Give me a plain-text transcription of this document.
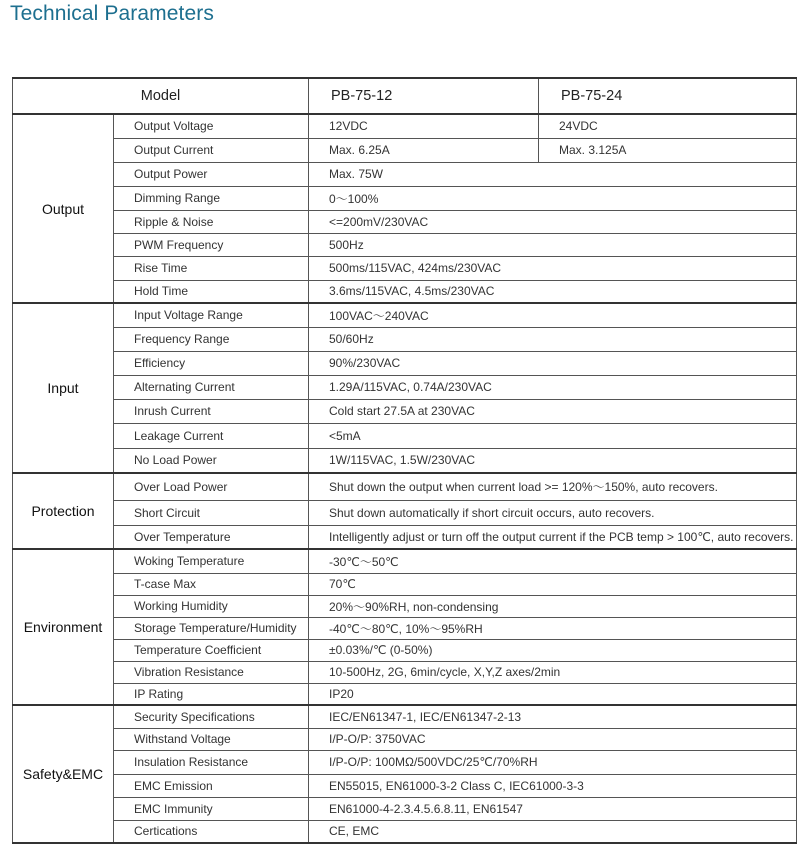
Technical Parameters
Model		PB-75-12	PB-75-24
Output	Output Voltage	12VDC	24VDC
	Output Current	Max. 6.25A	Max. 3.125A
	Output Power	Max. 75W	
	Dimming Range	0～100%	
	Ripple & Noise	<=200mV/230VAC	
	PWM Frequency	500Hz	
	Rise Time	500ms/115VAC, 424ms/230VAC	
	Hold Time	3.6ms/115VAC, 4.5ms/230VAC	
Input	Input Voltage Range	100VAC～240VAC	
	Frequency Range	50/60Hz	
	Efficiency	90%/230VAC	
	Alternating Current	1.29A/115VAC, 0.74A/230VAC	
	Inrush Current	Cold start 27.5A at 230VAC	
	Leakage Current	<5mA	
	No Load Power	1W/115VAC, 1.5W/230VAC	
Protection	Over Load Power	Shut down the output when current load >= 120%～150%, auto recovers.	
	Short Circuit	Shut down automatically if short circuit occurs, auto recovers.	
	Over Temperature	Intelligently adjust or turn off the output current if the PCB temp > 100℃, auto recovers.	
Environment	Woking Temperature	-30℃～50℃	
	T-case Max	70℃	
	Working Humidity	20%～90%RH, non-condensing	
	Storage Temperature/Humidity	-40℃～80℃, 10%～95%RH	
	Temperature Coefficient	±0.03%/℃ (0-50%)	
	Vibration Resistance	10-500Hz, 2G, 6min/cycle, X,Y,Z axes/2min	
	IP Rating	IP20	
Safety&EMC	Security Specifications	IEC/EN61347-1, IEC/EN61347-2-13	
	Withstand Voltage	I/P-O/P: 3750VAC	
	Insulation Resistance	I/P-O/P: 100MΩ/500VDC/25℃/70%RH	
	EMC Emission	EN55015, EN61000-3-2 Class C, IEC61000-3-3	
	EMC Immunity	EN61000-4-2.3.4.5.6.8.11, EN61547	
	Certications	CE, EMC	
